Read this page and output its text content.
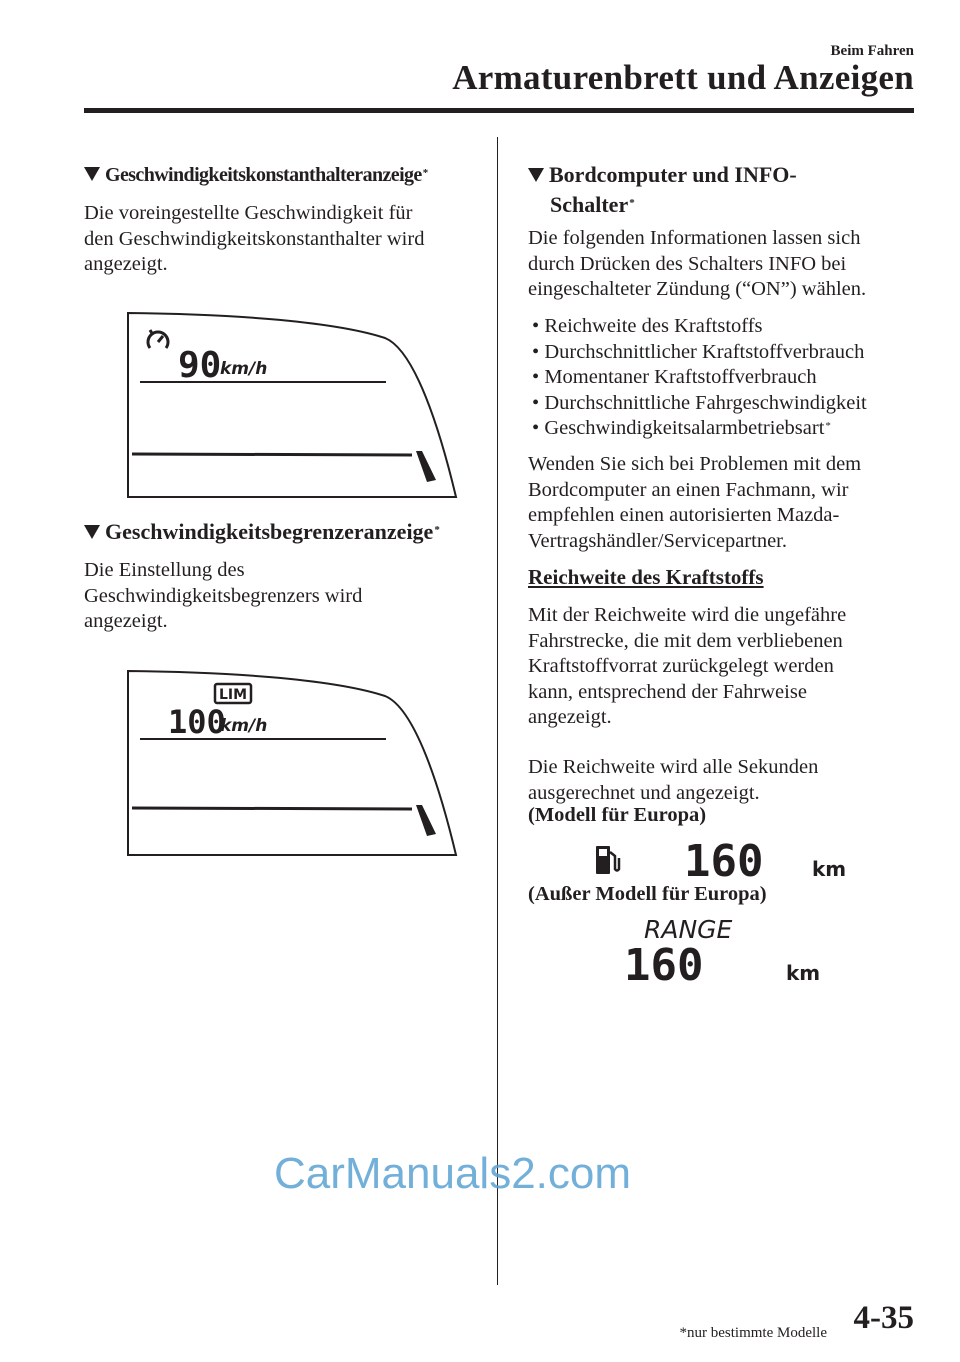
Beim Fahren
Armaturenbrett und Anzeigen
Geschwindigkeitskonstanthalteranzeige*

Die voreingestellte Geschwindigkeit für

den Geschwindigkeitskonstanthalter wird

angezeigt.

90
km/h
Geschwindigkeitsbegrenzeranzeige*

Die Einstellung des

Geschwindigkeitsbegrenzers wird

angezeigt.

LIM
100
km/h
Bordcomputer und INFO-
Schalter*

Die folgenden Informationen lassen sich

durch Drücken des Schalters INFO bei

eingeschalteter Zündung (“ON”) wählen.

• Reichweite des Kraftstoffs
• Durchschnittlicher Kraftstoffverbrauch
• Momentaner Kraftstoffverbrauch
• Durchschnittliche Fahrgeschwindigkeit
• Geschwindigkeitsalarmbetriebsart*

Wenden Sie sich bei Problemen mit dem

Bordcomputer an einen Fachmann, wir

empfehlen einen autorisierten Mazda-

Vertragshändler/Servicepartner.

Reichweite des Kraftstoffs

Mit der Reichweite wird die ungefähre

Fahrstrecke, die mit dem verbliebenen

Kraftstoffvorrat zurückgelegt werden

kann, entsprechend der Fahrweise

angezeigt.

Die Reichweite wird alle Sekunden

ausgerechnet und angezeigt.

(Modell für Europa)
160 km
(Außer Modell für Europa)
RANGE
160	km
CarManuals2.com
*nur bestimmte Modelle 4-35
